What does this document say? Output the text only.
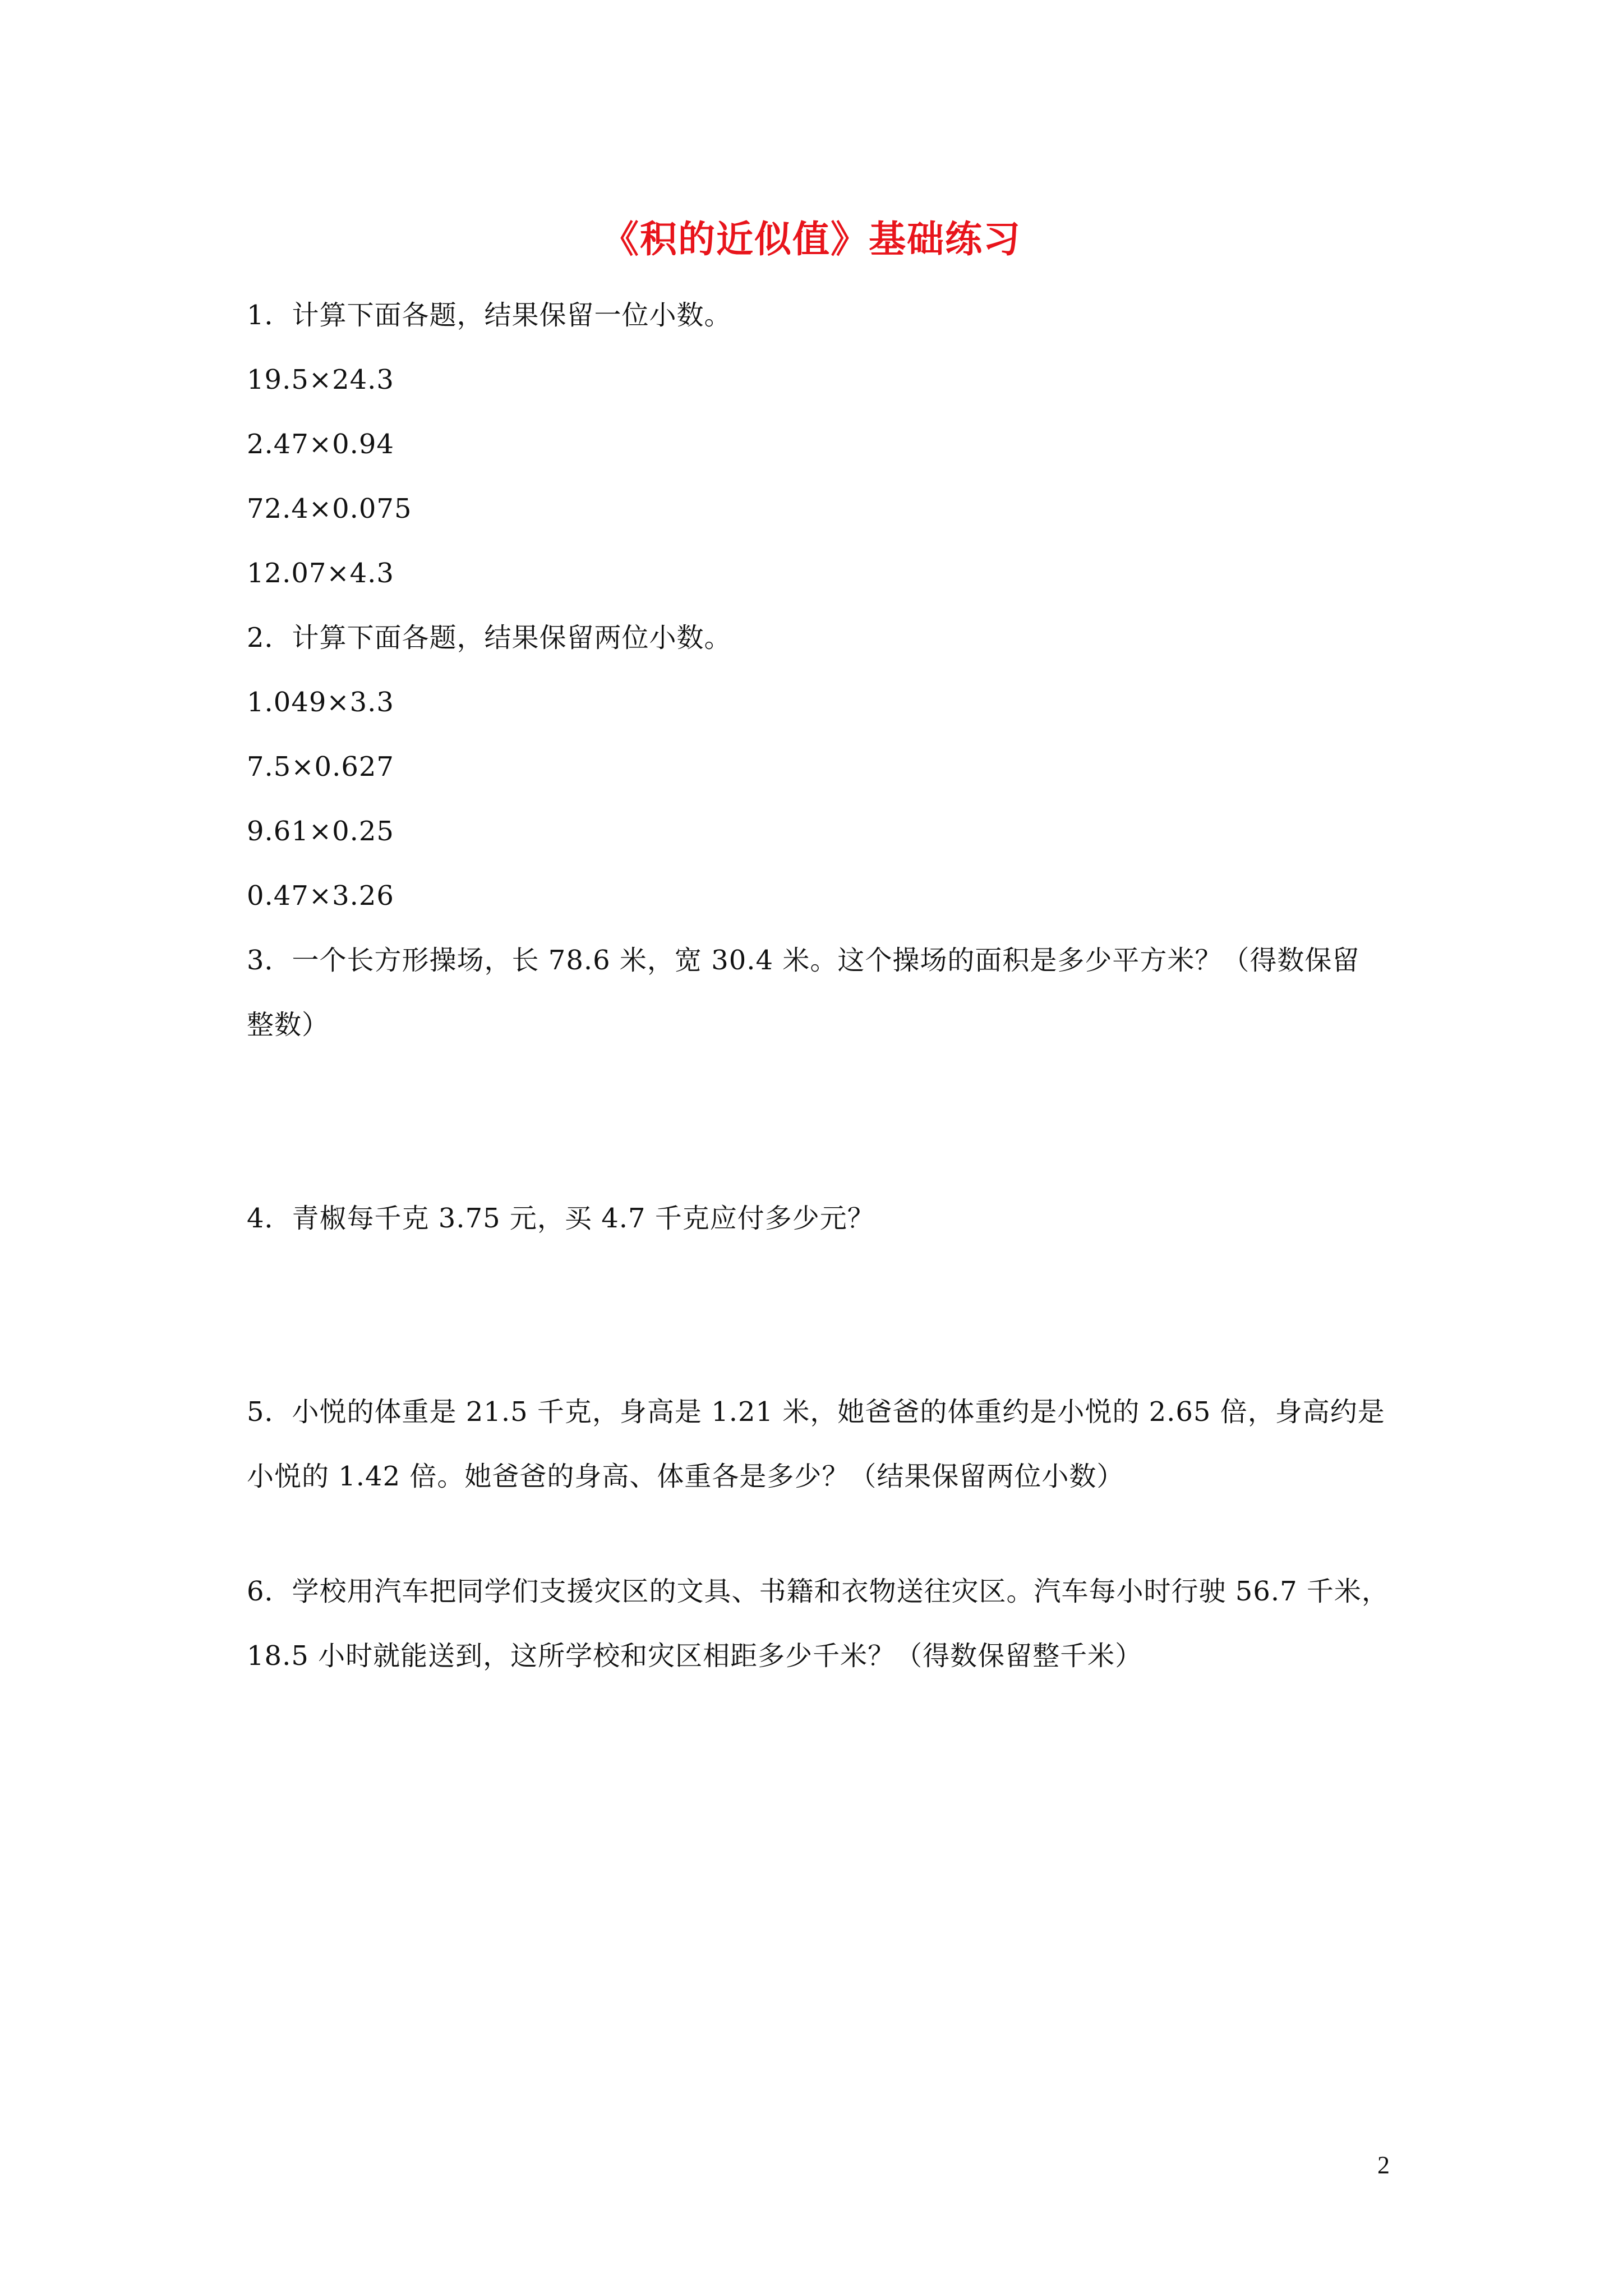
《积的近似值》基础练习
1．计算下面各题，结果保留一位小数。
19.5×24.3
2.47×0.94
72.4×0.075
12.07×4.3
2．计算下面各题，结果保留两位小数。
1.049×3.3
7.5×0.627
9.61×0.25
0.47×3.26
3．一个长方形操场，长 78.6 米，宽 30.4 米。这个操场的面积是多少平方米？（得数保留
整数）
4．青椒每千克 3.75 元，买 4.7 千克应付多少元？
5．小悦的体重是 21.5 千克，身高是 1.21 米，她爸爸的体重约是小悦的 2.65 倍，身高约是
小悦的 1.42 倍。她爸爸的身高、体重各是多少？（结果保留两位小数）
6．学校用汽车把同学们支援灾区的文具、书籍和衣物送往灾区。汽车每小时行驶 56.7 千米，
18.5 小时就能送到，这所学校和灾区相距多少千米？（得数保留整千米）
2
